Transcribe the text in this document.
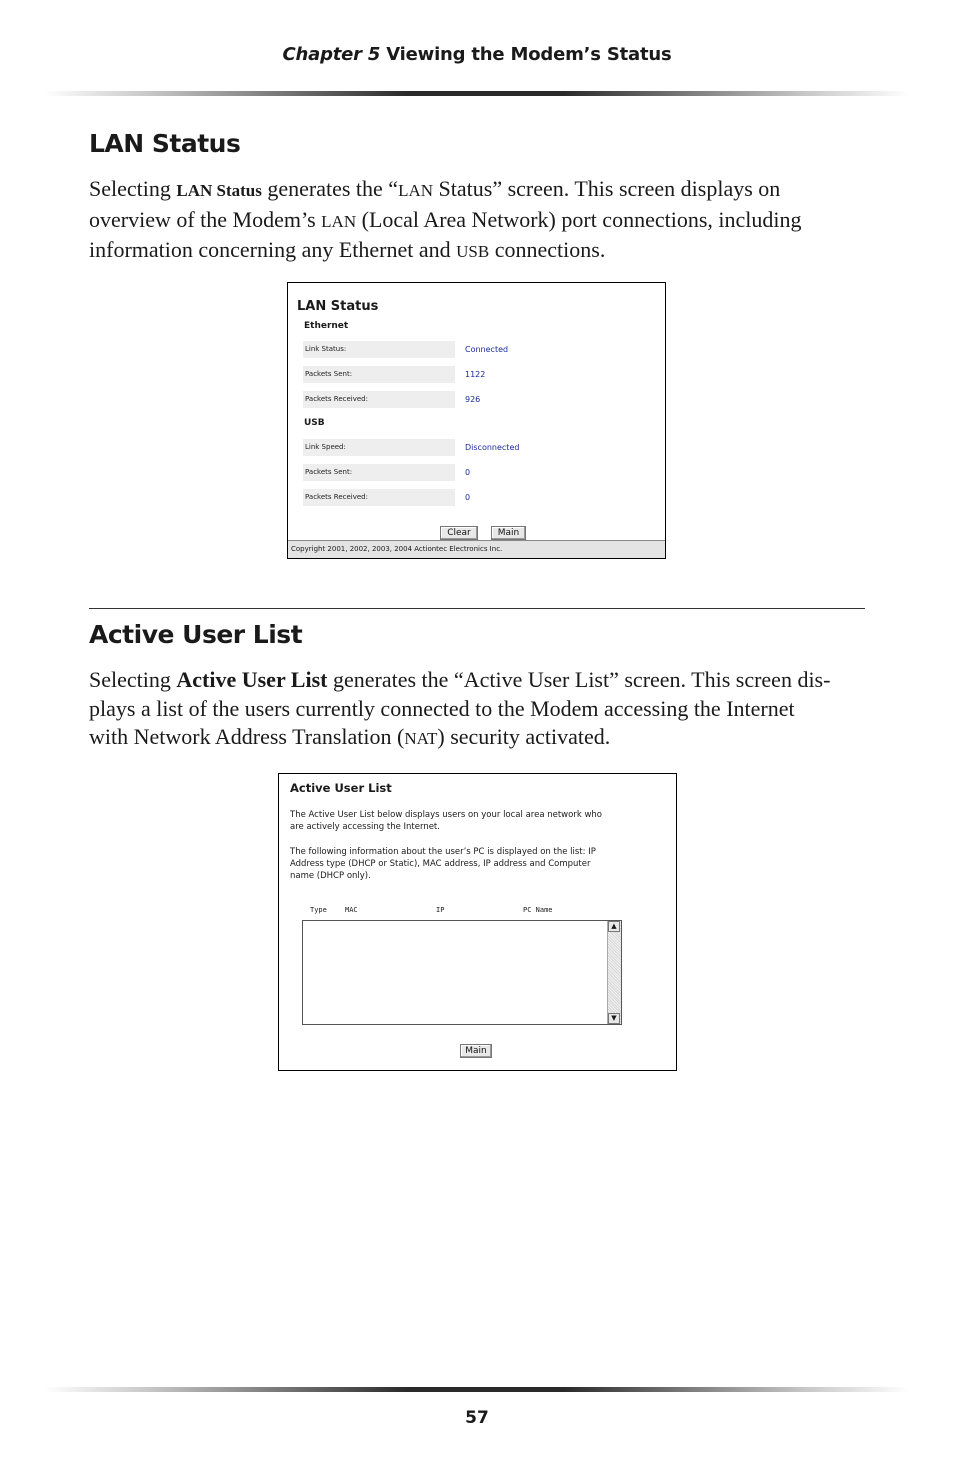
Chapter 5 Viewing the Modem’s Status
LAN Status
Selecting LAN Status generates the “LAN Status” screen. This screen displays on
overview of the Modem’s LAN (Local Area Network) port connections, including
information concerning any Ethernet and USB connections.
LAN Status
Ethernet
Link Status:	Connected
Packets Sent:	1122
Packets Received:	926
USB
Link Speed:	Disconnected
Packets Sent:	0
Packets Received:	0
Clear	Main
Copyright 2001, 2002, 2003, 2004 Actiontec Electronics Inc.
Active User List
Selecting Active User List generates the “Active User List” screen. This screen dis-
plays a list of the users currently connected to the Modem accessing the Internet
with Network Address Translation (NAT) security activated.
Active User List
The Active User List below displays users on your local area network who
are actively accessing the Internet.
The following information about the user’s PC is displayed on the list: IP
Address type (DHCP or Static), MAC address, IP address and Computer
name (DHCP only).
Type	MAC	IP	PC Name
▲
▼
Main
57
